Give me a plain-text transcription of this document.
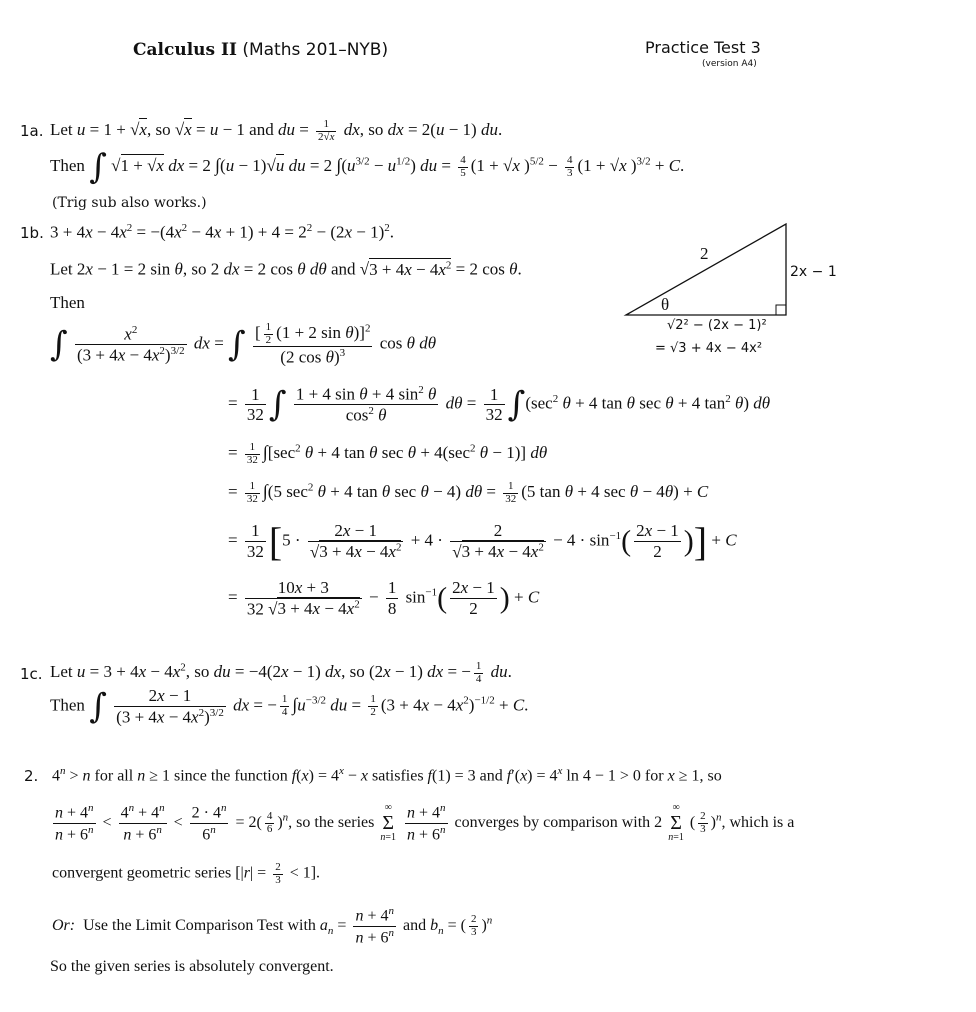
Calculus II (Maths 201–NYB)	Practice Test 3
(version A4)
1a. Let u = 1 + √x, so √x = u − 1 and du = $\frac{1}{2√x}$ dx, so dx = 2(u − 1) du.
Then ∫ √1 + √x dx = 2 ∫(u − 1)√u du = 2 $\int(u^{3/2} - u^{1/2})$ du = $\frac{4}{5} (1 + √x$ )$^{5/2} - \frac{4}{3} (1 + √x$ )$^{3/2}$ + C.
(Trig sub also works.)
1b. $3 + 4x - 4x^2 = -(4x^2 - 4x + 1) + 4 = 2^2 - (2x - 1)^2$.
Let 2x − 1 = 2 sin θ, so 2 dx = 2 cos θ dθ and $√3 + 4x - 4x^2 = 2$ cos θ.
Then
2
2x − 1
θ
√2² − (2x − 1)²
= √3 + 4x − 4x²
∫ $\frac{x^2}{(3 + 4x - 4x^2)^{3/2}}$ dx = ∫ $\frac{[ \frac{1}{2} (1 + 2 \sin \theta)]^2}{(2 \cos \theta)^3}$ cos θ dθ
= $\frac{1}{32}$ ∫ $\frac{1 + 4 \sin \theta + 4 \sin^2 \theta}{\cos^2 \theta}$ $d\theta = \frac{1}{32} \int(\sec^2$ θ + 4 tan θ sec θ + 4 $\tan^2 \theta$) dθ
= $\frac{1}{32} \int[\sec^2$ θ + 4 tan θ $\sec \theta + 4(\sec^2$ θ − 1)] dθ
= $\frac{1}{32} \int(5$ $\sec^2 \theta + 4$ tan θ sec θ − 4) $d\theta = \frac{1}{32} (5$ tan θ + 4 sec θ − 4θ) + C
= $\frac{1}{32} [5 \cdot \frac{2x - 1}{√3 + 4x - 4x^2} + 4 \cdot \frac{2}{√3 + 4x - 4x^2} - 4 \cdot \sin^{-1}( \frac{2x - 1}{2}$ )] + C
= $\frac{10x + 3}{32 √3 + 4x - 4x^2} - \frac{1}{8} \sin^{-1}( \frac{2x - 1}{2}$ ) + C
1c. Let $u = 3 + 4x - 4x^2$, so du = −4(2x − 1) dx, so (2x − 1) dx = − $\frac{1}{4}$ du.
Then ∫ $\frac{2x - 1}{(3 + 4x - 4x^2)^{3/2}}$ dx = − $\frac{1}{4} \int u^{-3/2}$ du = $\frac{1}{2} (3 + 4x - 4x^2)^{-1/2} + C$.
2. $4^n > n$ for all n ≥ 1 since the function $f(x) = 4^x - x$ satisfies f(1) = 3 and $f'(x) = 4^x$ ln 4 − 1 > 0 for x ≥ 1, so
$\frac{n + 4^n}{n + 6^n} < \frac{4^n + 4^n}{n + 6^n} < \frac{2 \cdot 4^n}{6^n} = 2( \frac{4}{6} )^n$, so the series ∞
Σ
$n=1 \frac{n + 4^n}{n + 6^n}$ converges by comparison with 2 ∞
Σ
n=1 ( $\frac{2}{3} )^n$, which is a
convergent geometric series $[|r| = \frac{2}{3} < 1]$.
Or: Use the Limit Comparison Test with $a_n = \frac{n + 4^n}{n + 6^n}$ and $b_n$ = ( $\frac{2}{3} )^n$
So the given series is absolutely convergent.
